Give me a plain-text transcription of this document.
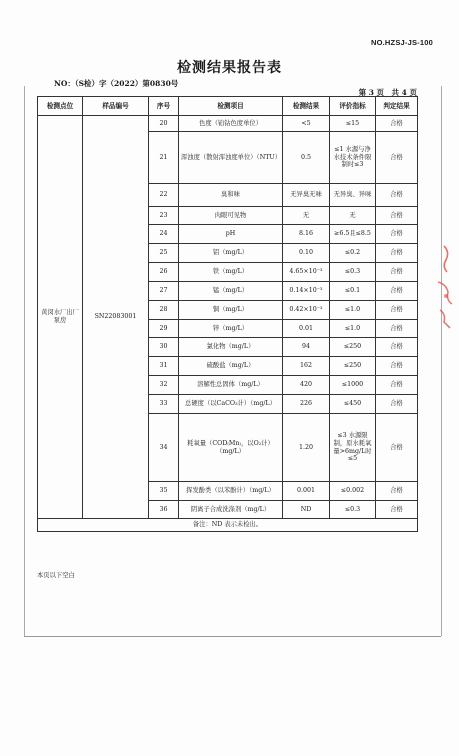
NO.HZSJ-JS-100
检测结果报告表
NO：（S检）字（2022）第0830号
第 3 页　共 4 页
检测点位	样品编号	序号	检测项目	检测结果	评价指标	判定结果
黄闵水厂出厂泵房	SN22083001	20	色度（铂钴色度单位）	<5	≤15	合格
		21	浑浊度（散射浑浊度单位）（NTU）	0.5	≤1 水源与净水技术条件限制时≤3	合格
		22	臭和味	无异臭无味	无异臭、异味	合格
		23	肉眼可见物	无	无	合格
		24	pH	8.16	≥6.5且≤8.5	合格
		25	铝（mg/L）	0.10	≤0.2	合格
		26	铁（mg/L）	4.65×10⁻³	≤0.3	合格
		27	锰（mg/L）	0.14×10⁻³	≤0.1	合格
		28	铜（mg/L）	0.42×10⁻³	≤1.0	合格
		29	锌（mg/L）	0.01	≤1.0	合格
		30	氯化物（mg/L）	94	≤250	合格
		31	硫酸盐（mg/L）	162	≤250	合格
		32	溶解性总固体（mg/L）	420	≤1000	合格
		33	总硬度（以CaCO₃计）（mg/L）	226	≤450	合格
		34	耗氧量（COD₍Mn₎，以O₂计）（mg/L）	1.20	≤3 水源限制，原水耗氧量>6mg/L时≤5	合格
		35	挥发酚类（以苯酚计）（mg/L）	0.001	≤0.002	合格
		36	阴离子合成洗涤剂（mg/L）	ND	≤0.3	合格
备注：ND 表示未检出。						
本页以下空白
